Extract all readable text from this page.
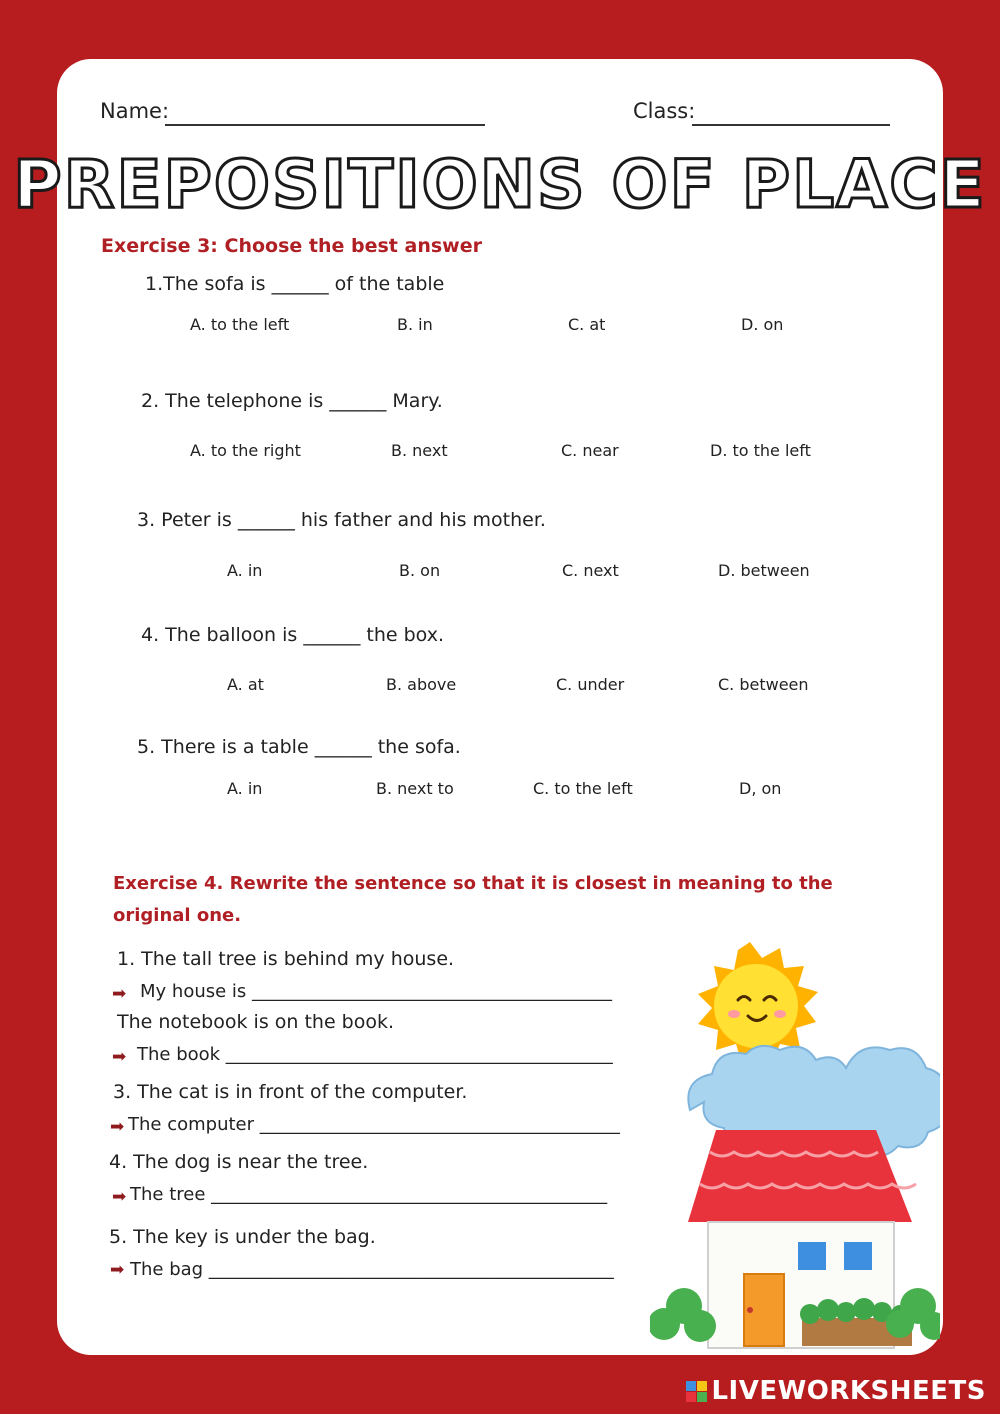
Name:	Class:
PREPOSITIONS OF PLACE
Exercise 3: Choose the best answer
1.The sofa is ______ of the table
A. to the left	B. in	C. at	D. on
2. The telephone is ______ Mary.
A. to the right	B. next	C. near	D. to the left
3. Peter is ______ his father and his mother.
A. in	B. on	C. next	D. between
4. The balloon is ______ the box.
A. at	B. above	C. under	C. between
5. There is a table ______ the sofa.
A. in	B. next to	C. to the left	D, on
Exercise 4. Rewrite the sentence so that it is closest in meaning to the
original one.
1. The tall tree is behind my house.
➡ My house is ________________________________________
The notebook is on the book.
➡ The book ___________________________________________
3. The cat is in front of the computer.
➡ The computer ________________________________________
4. The dog is near the tree.
➡ The tree ____________________________________________
5. The key is under the bag.
➡ The bag _____________________________________________
LIVEWORKSHEETS
